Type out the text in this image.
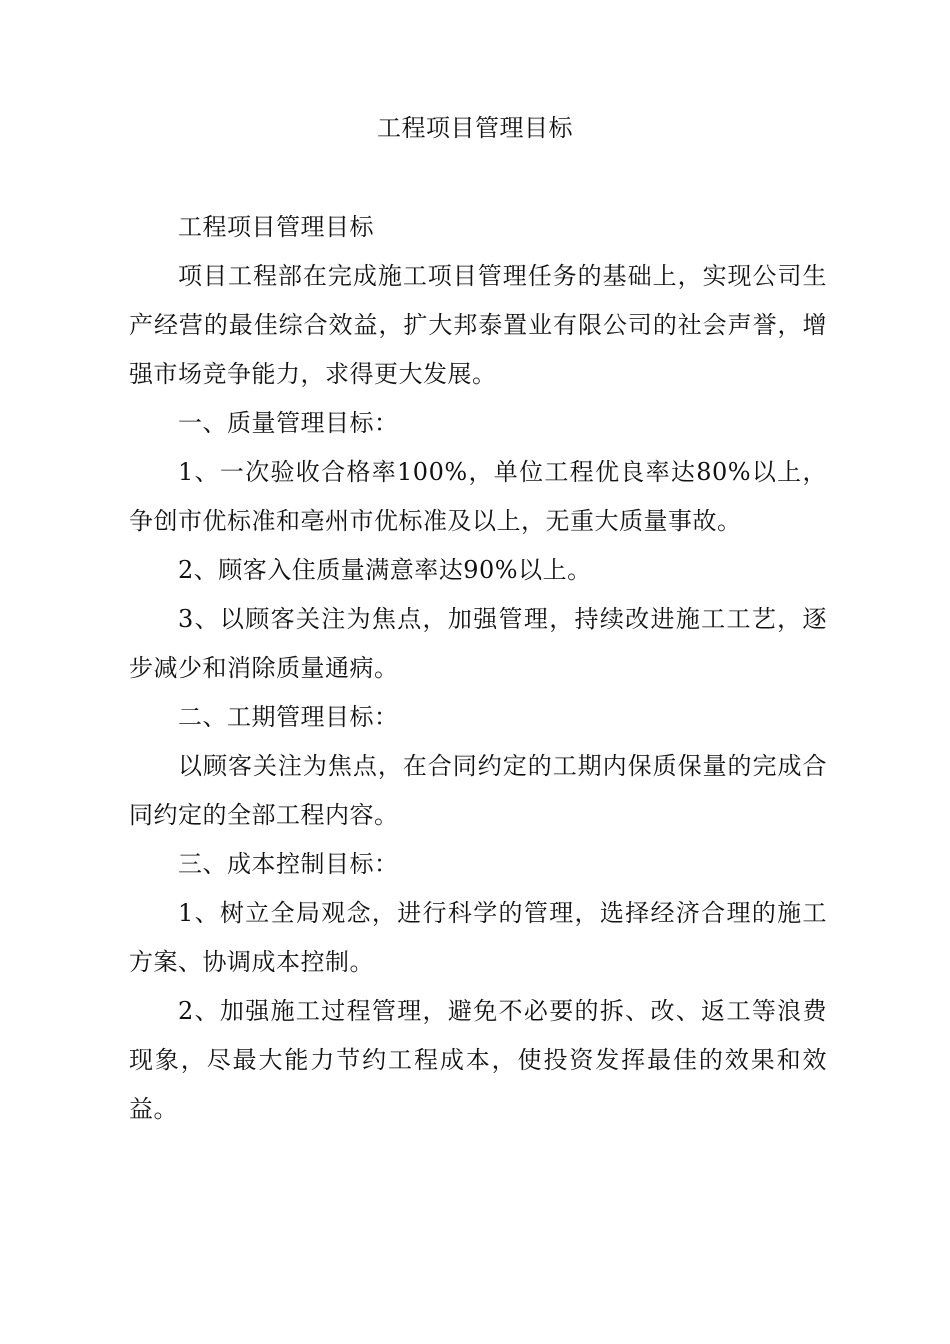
工程项目管理目标

工程项目管理目标

项目工程部在完成施工项目管理任务的基础上，实现公司生产经营的最佳综合效益，扩大邦泰置业有限公司的社会声誉，增强市场竞争能力，求得更大发展。

一、质量管理目标：

1、一次验收合格率100%，单位工程优良率达80%以上，争创市优标准和亳州市优标准及以上，无重大质量事故。

2、顾客入住质量满意率达90%以上。

3、以顾客关注为焦点，加强管理，持续改进施工工艺，逐步减少和消除质量通病。

二、工期管理目标：

以顾客关注为焦点，在合同约定的工期内保质保量的完成合同约定的全部工程内容。

三、成本控制目标：

1、树立全局观念，进行科学的管理，选择经济合理的施工方案、协调成本控制。

2、加强施工过程管理，避免不必要的拆、改、返工等浪费现象，尽最大能力节约工程成本，使投资发挥最佳的效果和效益。
